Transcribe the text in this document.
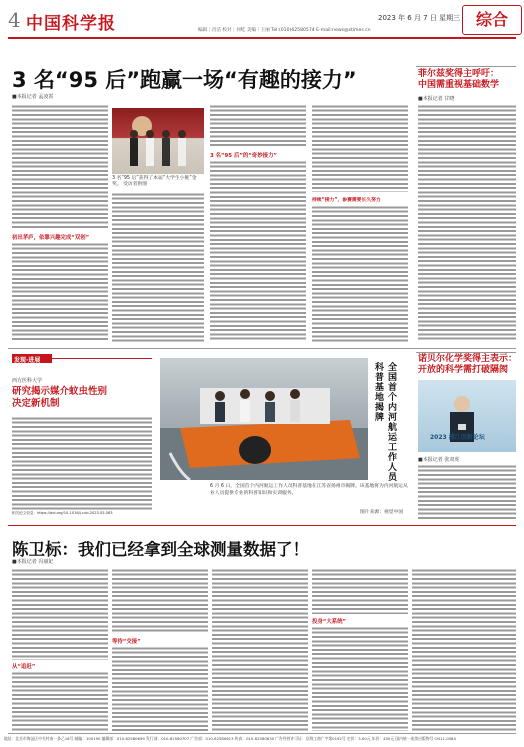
4 中国科学报	2023 年 6 月 7 日 星期三
编辑｜肖洁 校对｜何屹 美编｜王丽 Tel:(010)62580574 E-mail:news@stimes.cn
综合
3 名“95 后”跑赢一场“有趣的接力”
■本报记者 孟凌霄
初出茅庐，依靠兴趣完成“双创”
3 名“95 后”获得了本届“大学生小挑”金奖。 受访者供图
3 名“95 后”的“奇妙接力”
持续“接力”，参赛需要长久努力
菲尔兹奖得主呼吁：
中国需重视基础数学
■本报记者 甘晓
发现·进展
西方医科大学
研究揭示媒介蚊虫性别
决定新机制
相关论文信息：https://doi.org/10.1016/j.cub.2023.05.083
全国首个内河航运工作人员科普基地揭牌
6 月 6 日，全国首个内河航运工作人员科普基地在江苏省扬州市揭牌。该基地将为内河航运从业人员提供专业的科普知识和实训服务。
图片来源：视觉中国
诺贝尔化学奖得主表示：
开放的科学需打破隔阂
2023 浦江创新论坛
■本报记者 张双虎
陈卫标：我们已经拿到全球测量数据了！
■本报记者 冯丽妃
从“追赶”
等待“交接”
投身“大系统”
地址：北京市海淀区中关村南一条乙16号 邮编：100190 编辑部：010-62580699 发行部：010-62580707 广告部：010-62580613 传真：010-62580630 广告经营许可证：京海工商广字第0192号 定价：3.00元 年价：450元 国内统一连续出版物号 CN11-0084
